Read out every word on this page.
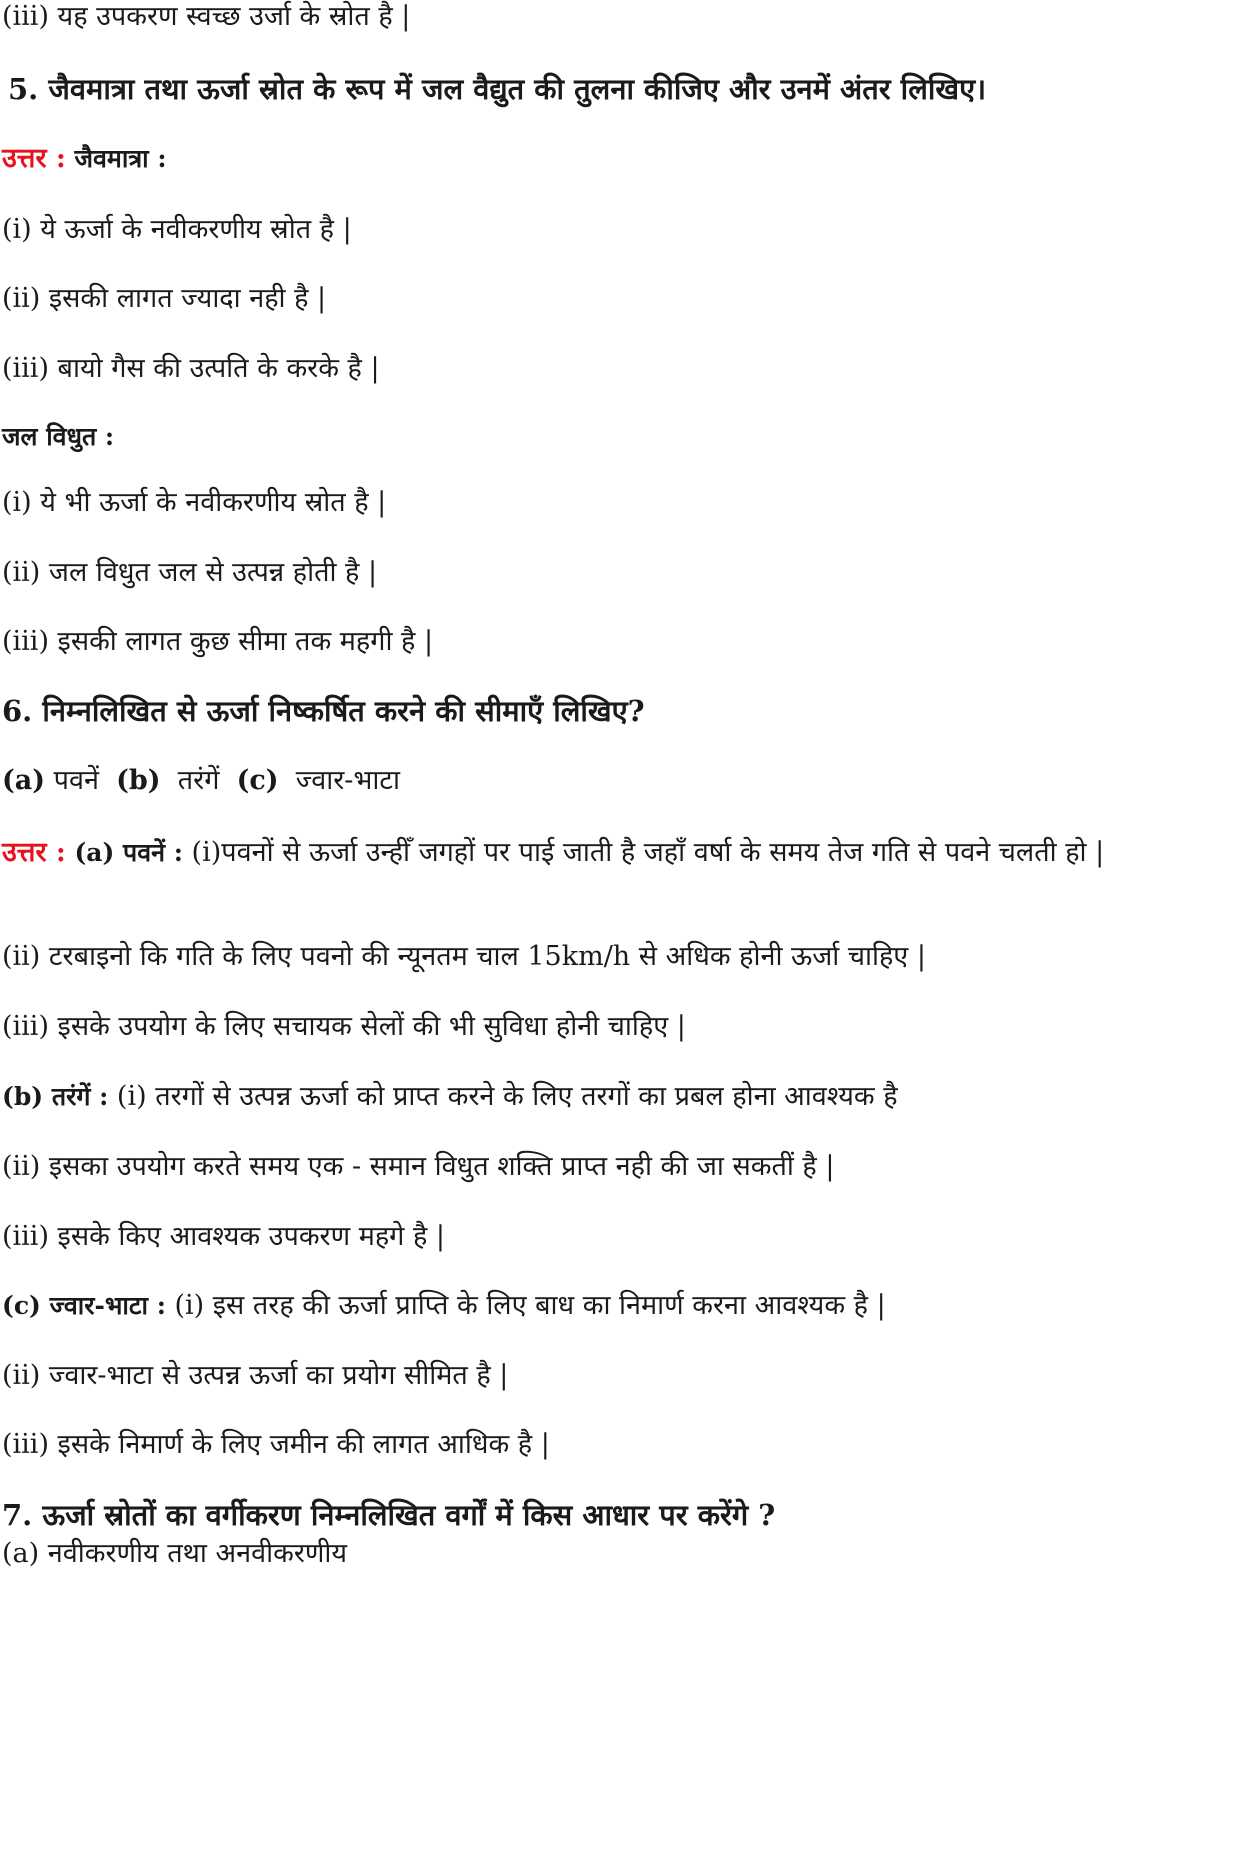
(iii) यह उपकरण स्वच्छ उर्जा के स्रोत है |
5. जैवमात्रा तथा ऊर्जा स्रोत के रूप में जल वैद्युत की तुलना कीजिए और उनमें अंतर लिखिए।
उत्तर : जैवमात्रा :
(i) ये ऊर्जा के नवीकरणीय स्रोत है |
(ii) इसकी लागत ज्यादा नही है |
(iii) बायो गैस की उत्पति के करके है |
जल विधुत :
(i) ये भी ऊर्जा के नवीकरणीय स्रोत है |
(ii) जल विधुत जल से उत्पन्न होती है |
(iii) इसकी लागत कुछ सीमा तक महगी है |
6. निम्नलिखित से ऊर्जा निष्कर्षित करने की सीमाएँ लिखिए?
(a) पवनें (b) तरंगें (c) ज्वार-भाटा
उत्तर : (a) पवनें : (i)पवनों से ऊर्जा उन्हीँ जगहों पर पाई जाती है जहाँ वर्षा के समय तेज गति से पवने चलती हो |
(ii) टरबाइनो कि गति के लिए पवनो की न्यूनतम चाल 15km/h से अधिक होनी ऊर्जा चाहिए |
(iii) इसके उपयोग के लिए सचायक सेलों की भी सुविधा होनी चाहिए |
(b) तरंगें : (i) तरगों से उत्पन्न ऊर्जा को प्राप्त करने के लिए तरगों का प्रबल होना आवश्यक है
(ii) इसका उपयोग करते समय एक - समान विधुत शक्ति प्राप्त नही की जा सकतीं है |
(iii) इसके किए आवश्यक उपकरण महगे है |
(c) ज्वार-भाटा : (i) इस तरह की ऊर्जा प्राप्ति के लिए बाध का निमार्ण करना आवश्यक है |
(ii) ज्वार-भाटा से उत्पन्न ऊर्जा का प्रयोग सीमित है |
(iii) इसके निमार्ण के लिए जमीन की लागत आधिक है |
7. ऊर्जा स्रोतों का वर्गीकरण निम्नलिखित वर्गों में किस आधार पर करेंगे ?
(a) नवीकरणीय तथा अनवीकरणीय
